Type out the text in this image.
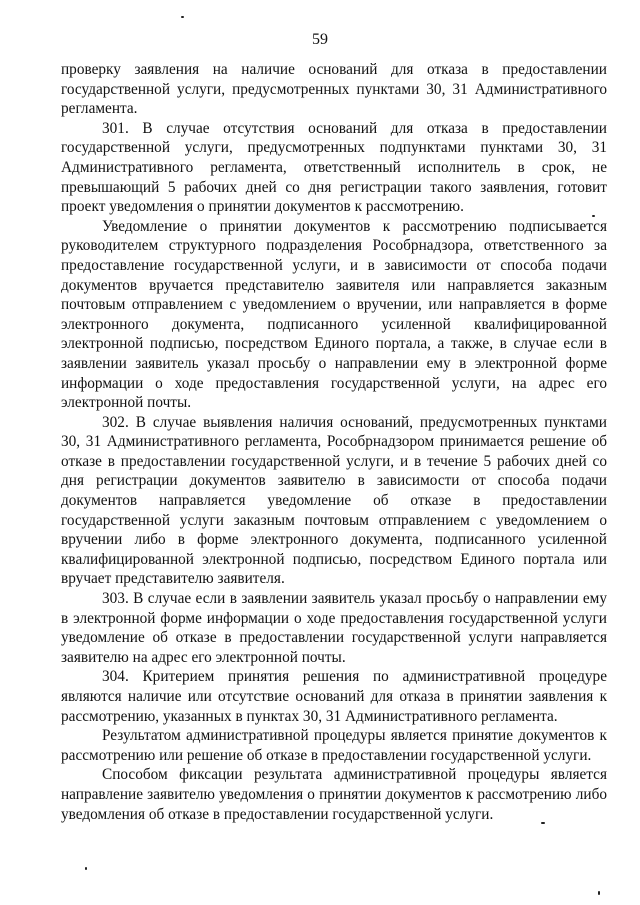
59

проверку заявления на наличие оснований для отказа в предоставлении государственной услуги, предусмотренных пунктами 30, 31 Административного регламента.

301. В случае отсутствия оснований для отказа в предоставлении государственной услуги, предусмотренных подпунктами пунктами 30, 31 Административного регламента, ответственный исполнитель в срок, не превышающий 5 рабочих дней со дня регистрации такого заявления, готовит проект уведомления о принятии документов к рассмотрению.

Уведомление о принятии документов к рассмотрению подписывается руководителем структурного подразделения Рособрнадзора, ответственного за предоставление государственной услуги, и в зависимости от способа подачи документов вручается представителю заявителя или направляется заказным почтовым отправлением с уведомлением о вручении, или направляется в форме электронного документа, подписанного усиленной квалифицированной электронной подписью, посредством Единого портала, а также, в случае если в заявлении заявитель указал просьбу о направлении ему в электронной форме информации о ходе предоставления государственной услуги, на адрес его электронной почты.

302. В случае выявления наличия оснований, предусмотренных пунктами 30, 31 Административного регламента, Рособрнадзором принимается решение об отказе в предоставлении государственной услуги, и в течение 5 рабочих дней со дня регистрации документов заявителю в зависимости от способа подачи документов направляется уведомление об отказе в предоставлении государственной услуги заказным почтовым отправлением с уведомлением о вручении либо в форме электронного документа, подписанного усиленной квалифицированной электронной подписью, посредством Единого портала или вручает представителю заявителя.

303. В случае если в заявлении заявитель указал просьбу о направлении ему в электронной форме информации о ходе предоставления государственной услуги уведомление об отказе в предоставлении государственной услуги направляется заявителю на адрес его электронной почты.

304. Критерием принятия решения по административной процедуре являются наличие или отсутствие оснований для отказа в принятии заявления к рассмотрению, указанных в пунктах 30, 31 Административного регламента.

Результатом административной процедуры является принятие документов к рассмотрению или решение об отказе в предоставлении государственной услуги.

Способом фиксации результата административной процедуры является направление заявителю уведомления о принятии документов к рассмотрению либо уведомления об отказе в предоставлении государственной услуги.
